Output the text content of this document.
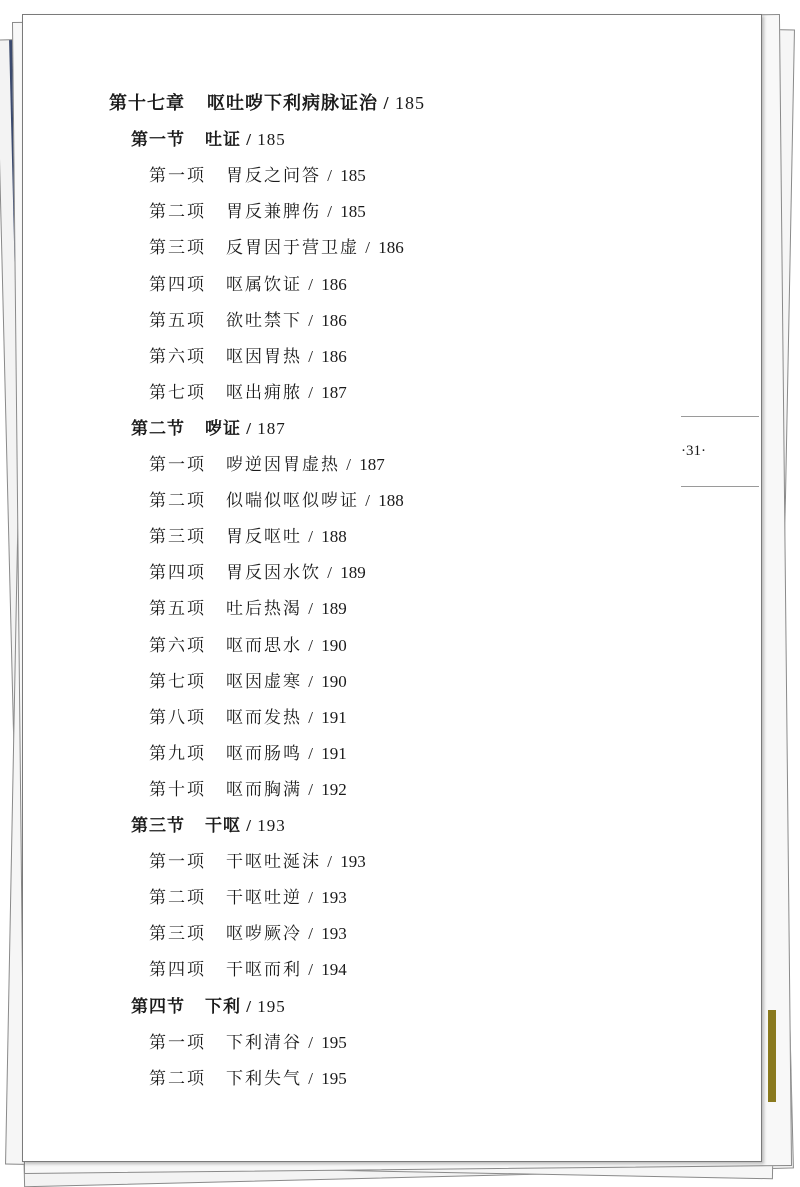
第十七章 呕吐哕下利病脉证治 / 185
第一节 吐证 / 185
第一项 胃反之问答 / 185
第二项 胃反兼脾伤 / 185
第三项 反胃因于营卫虚 / 186
第四项 呕属饮证 / 186
第五项 欲吐禁下 / 186
第六项 呕因胃热 / 186
第七项 呕出痈脓 / 187
第二节 哕证 / 187
第一项 哕逆因胃虚热 / 187
第二项 似喘似呕似哕证 / 188
第三项 胃反呕吐 / 188
第四项 胃反因水饮 / 189
第五项 吐后热渴 / 189
第六项 呕而思水 / 190
第七项 呕因虚寒 / 190
第八项 呕而发热 / 191
第九项 呕而肠鸣 / 191
第十项 呕而胸满 / 192
第三节 干呕 / 193
第一项 干呕吐涎沫 / 193
第二项 干呕吐逆 / 193
第三项 呕哕厥冷 / 193
第四项 干呕而利 / 194
第四节 下利 / 195
第一项 下利清谷 / 195
第二项 下利失气 / 195
·31·
